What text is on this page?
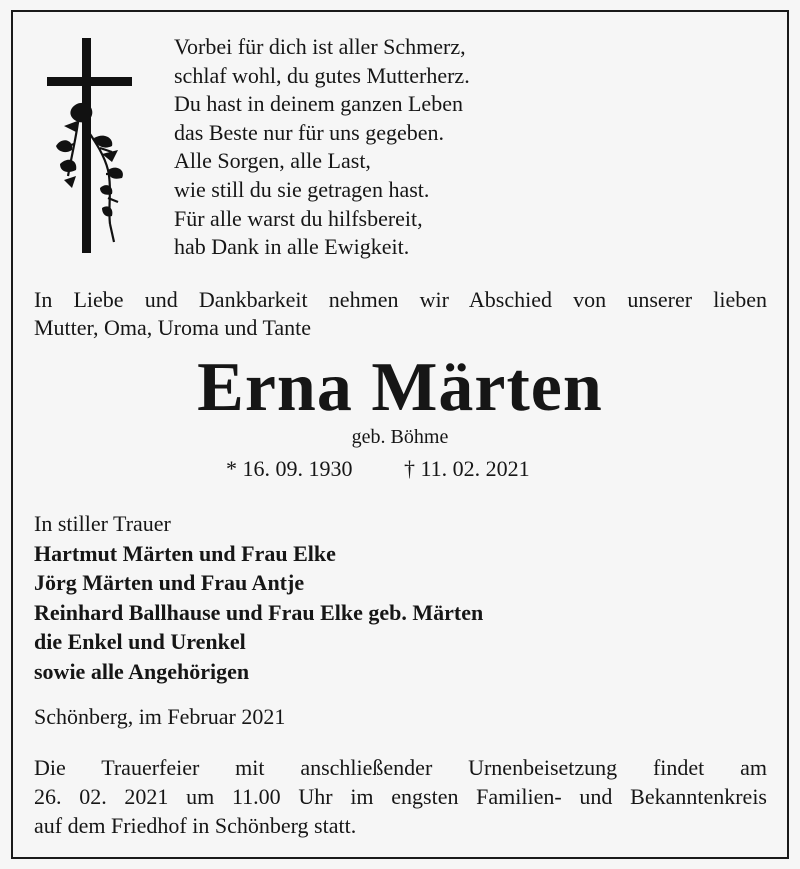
Vorbei für dich ist aller Schmerz,
schlaf wohl, du gutes Mutterherz.
Du hast in deinem ganzen Leben
das Beste nur für uns gegeben.
Alle Sorgen, alle Last,
wie still du sie getragen hast.
Für alle warst du hilfsbereit,
hab Dank in alle Ewigkeit.
In Liebe und Dankbarkeit nehmen wir Abschied von unserer lieben
Mutter, Oma, Uroma und Tante
Erna Märten
geb. Böhme
* 16. 09. 1930 † 11. 02. 2021
In stiller Trauer
Hartmut Märten und Frau Elke
Jörg Märten und Frau Antje
Reinhard Ballhause und Frau Elke geb. Märten
die Enkel und Urenkel
sowie alle Angehörigen
Schönberg, im Februar 2021
Die Trauerfeier mit anschließender Urnenbeisetzung findet am
26. 02. 2021 um 11.00 Uhr im engsten Familien- und Bekanntenkreis
auf dem Friedhof in Schönberg statt.
